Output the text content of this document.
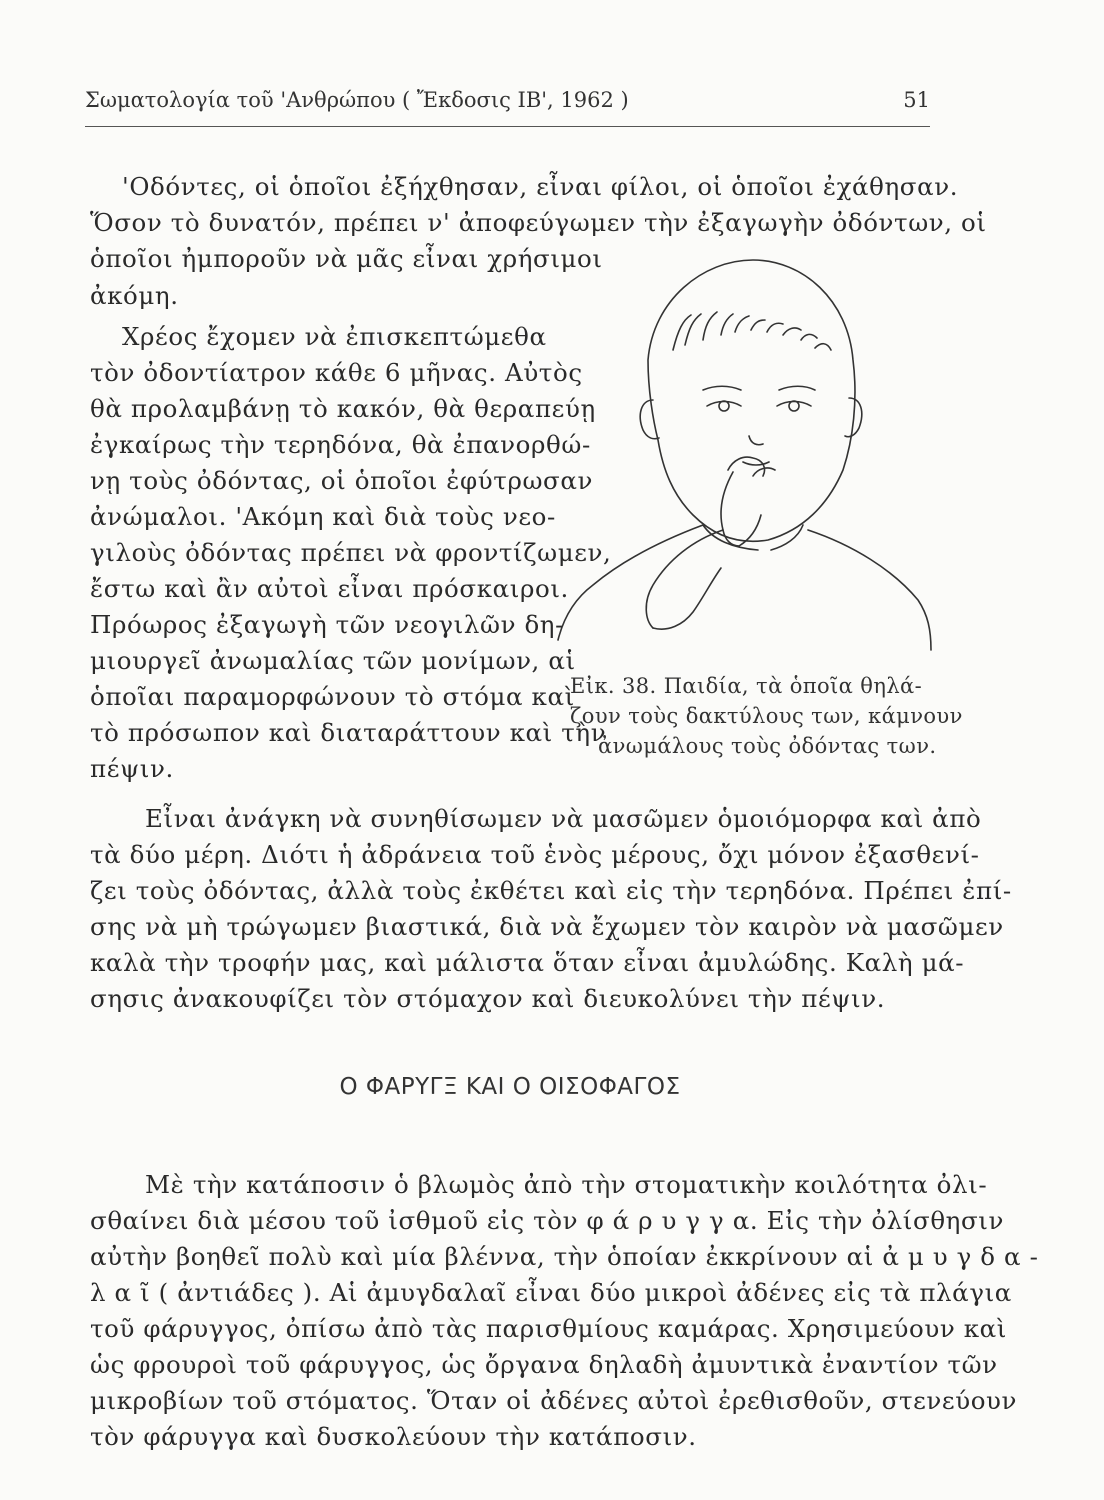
Σωματολογία τοῦ 'Ανθρώπου ( Ἔκδοσις ΙΒ', 1962 )	51
'Οδόντες, οἱ ὁποῖοι ἐξήχθησαν, εἶναι φίλοι, οἱ ὁποῖοι ἐχάθησαν.
Ὅσον τὸ δυνατόν, πρέπει ν' ἀποφεύγωμεν τὴν ἐξαγωγὴν ὀδόντων, οἱ
ὁποῖοι ἠμποροῦν νὰ μᾶς εἶναι χρήσιμοι
ἀκόμη.
Χρέος ἔχομεν νὰ ἐπισκεπτώμεθα
τὸν ὀδοντίατρον κάθε 6 μῆνας. Αὐτὸς
θὰ προλαμβάνῃ τὸ κακόν, θὰ θεραπεύῃ
ἐγκαίρως τὴν τερηδόνα, θὰ ἐπανορθώ-
νῃ τοὺς ὀδόντας, οἱ ὁποῖοι ἐφύτρωσαν
ἀνώμαλοι. 'Ακόμη καὶ διὰ τοὺς νεο-
γιλοὺς ὀδόντας πρέπει νὰ φροντίζωμεν,
ἔστω καὶ ἂν αὐτοὶ εἶναι πρόσκαιροι.
Πρόωρος ἐξαγωγὴ τῶν νεογιλῶν δη-
μιουργεῖ ἀνωμαλίας τῶν μονίμων, αἱ
ὁποῖαι παραμορφώνουν τὸ στόμα καὶ
τὸ πρόσωπον καὶ διαταράττουν καὶ τὴν
πέψιν.
Εἰκ. 38. Παιδία, τὰ ὁποῖα θηλά-
ζουν τοὺς δακτύλους των, κάμνουν
ἀνωμάλους τοὺς ὀδόντας των.
Εἶναι ἀνάγκη νὰ συνηθίσωμεν νὰ μασῶμεν ὁμοιόμορφα καὶ ἀπὸ
τὰ δύο μέρη. Διότι ἡ ἀδράνεια τοῦ ἑνὸς μέρους, ὄχι μόνον ἐξασθενί-
ζει τοὺς ὀδόντας, ἀλλὰ τοὺς ἐκθέτει καὶ εἰς τὴν τερηδόνα. Πρέπει ἐπί-
σης νὰ μὴ τρώγωμεν βιαστικά, διὰ νὰ ἔχωμεν τὸν καιρὸν νὰ μασῶμεν
καλὰ τὴν τροφήν μας, καὶ μάλιστα ὅταν εἶναι ἀμυλώδης. Καλὴ μά-
σησις ἀνακουφίζει τὸν στόμαχον καὶ διευκολύνει τὴν πέψιν.
Ο ΦΑΡΥΓΞ ΚΑΙ Ο ΟΙΣΟΦΑΓΟΣ
Μὲ τὴν κατάποσιν ὁ βλωμὸς ἀπὸ τὴν στοματικὴν κοιλότητα ὀλι-
σθαίνει διὰ μέσου τοῦ ἰσθμοῦ εἰς τὸν φ ά ρ υ γ γ α. Εἰς τὴν ὀλίσθησιν
αὐτὴν βοηθεῖ πολὺ καὶ μία βλέννα, τὴν ὁποίαν ἐκκρίνουν αἱ ἀ μ υ γ δ α -
λ α ῖ ( ἀντιάδες ). Αἱ ἀμυγδαλαῖ εἶναι δύο μικροὶ ἀδένες εἰς τὰ πλάγια
τοῦ φάρυγγος, ὀπίσω ἀπὸ τὰς παρισθμίους καμάρας. Χρησιμεύουν καὶ
ὡς φρουροὶ τοῦ φάρυγγος, ὡς ὄργανα δηλαδὴ ἀμυντικὰ ἐναντίον τῶν
μικροβίων τοῦ στόματος. Ὅταν οἱ ἀδένες αὐτοὶ ἐρεθισθοῦν, στενεύουν
τὸν φάρυγγα καὶ δυσκολεύουν τὴν κατάποσιν.
